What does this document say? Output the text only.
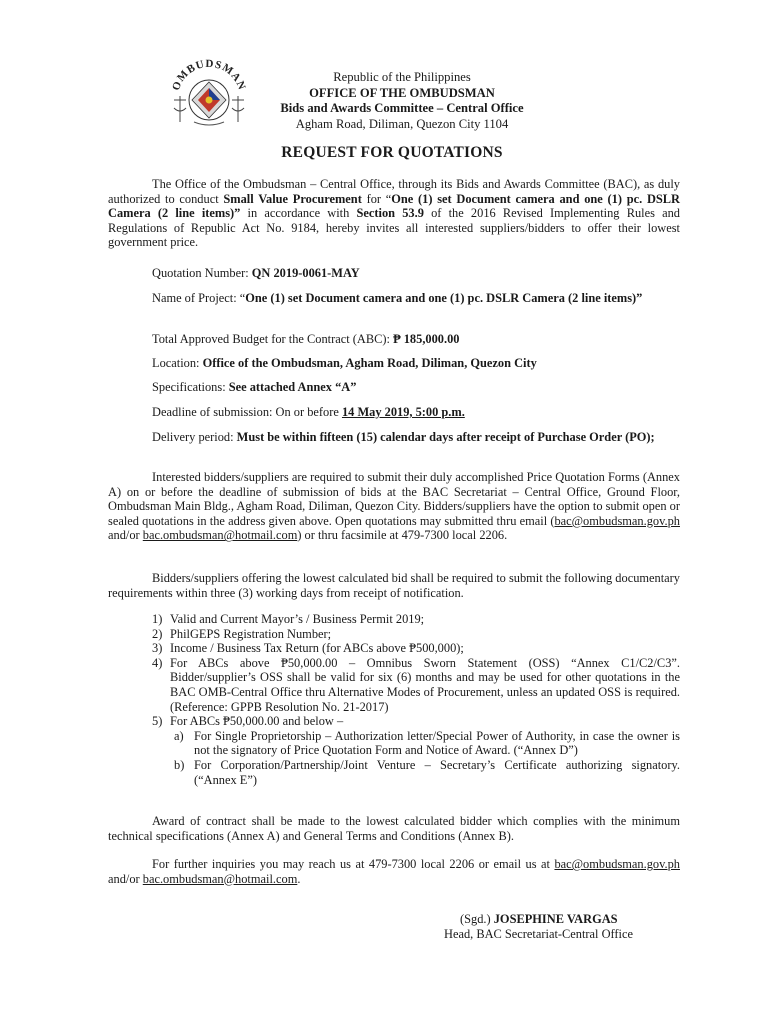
OMBUDSMAN
Republic of the Philippines
OFFICE OF THE OMBUDSMAN
Bids and Awards Committee – Central Office
Agham Road, Diliman, Quezon City 1104
REQUEST FOR QUOTATIONS
The Office of the Ombudsman – Central Office, through its Bids and Awards Committee (BAC), as duly authorized to conduct Small Value Procurement for “One (1) set Document camera and one (1) pc. DSLR Camera (2 line items)” in accordance with Section 53.9 of the 2016 Revised Implementing Rules and Regulations of Republic Act No. 9184, hereby invites all interested suppliers/bidders to offer their lowest government price.
Quotation Number: QN 2019-0061-MAY
Name of Project: “One (1) set Document camera and one (1) pc. DSLR Camera (2 line items)”
Total Approved Budget for the Contract (ABC): ₱ 185,000.00
Location: Office of the Ombudsman, Agham Road, Diliman, Quezon City
Specifications: See attached Annex “A”
Deadline of submission: On or before 14 May 2019, 5:00 p.m.
Delivery period: Must be within fifteen (15) calendar days after receipt of Purchase Order (PO);
Interested bidders/suppliers are required to submit their duly accomplished Price Quotation Forms (Annex A) on or before the deadline of submission of bids at the BAC Secretariat – Central Office, Ground Floor, Ombudsman Main Bldg., Agham Road, Diliman, Quezon City. Bidders/suppliers have the option to submit open or sealed quotations in the address given above. Open quotations may submitted thru email (bac@ombudsman.gov.ph and/or bac.ombudsman@hotmail.com) or thru facsimile at 479-7300 local 2206.
Bidders/suppliers offering the lowest calculated bid shall be required to submit the following documentary requirements within three (3) working days from receipt of notification.
1) Valid and Current Mayor’s / Business Permit 2019;
2) PhilGEPS Registration Number;
3) Income / Business Tax Return (for ABCs above ₱500,000);
4) For ABCs above ₱50,000.00 – Omnibus Sworn Statement (OSS) “Annex C1/C2/C3”. Bidder/supplier’s OSS shall be valid for six (6) months and may be used for other quotations in the BAC OMB-Central Office thru Alternative Modes of Procurement, unless an updated OSS is required. (Reference: GPPB Resolution No. 21-2017)
5) For ABCs ₱50,000.00 and below –
a) For Single Proprietorship – Authorization letter/Special Power of Authority, in case the owner is not the signatory of Price Quotation Form and Notice of Award. (“Annex D”)
b) For Corporation/Partnership/Joint Venture – Secretary’s Certificate authorizing signatory. (“Annex E”)
Award of contract shall be made to the lowest calculated bidder which complies with the minimum technical specifications (Annex A) and General Terms and Conditions (Annex B).
For further inquiries you may reach us at 479-7300 local 2206 or email us at bac@ombudsman.gov.ph and/or bac.ombudsman@hotmail.com.
(Sgd.) JOSEPHINE VARGAS
Head, BAC Secretariat-Central Office
